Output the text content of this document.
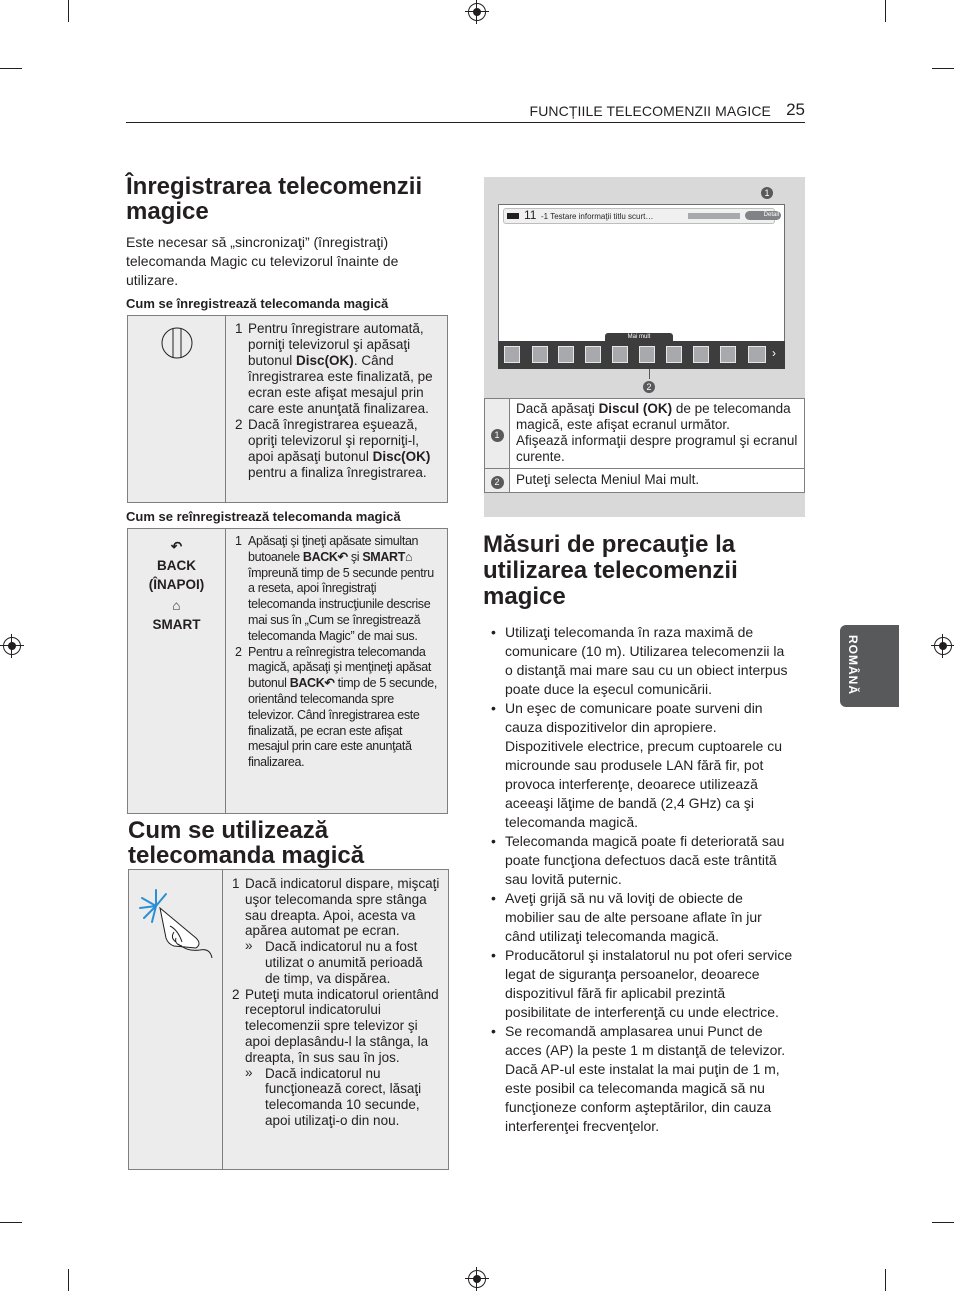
FUNCȚIILE TELECOMENZII MAGICE 25
ROMÂNĂ
Înregistrarea telecomenzii magice
Este necesar să „sincronizaţi” (înregistraţi) telecomanda Magic cu televizorul înainte de utilizare.
Cum se înregistrează telecomanda magică

1 Pentru înregistrare automată, porniţi televizorul şi apăsaţi butonul Disc(OK). Când înregistrarea este finalizată, pe ecran este afişat mesajul prin care este anunţată finalizarea.
2 Dacă înregistrarea eşuează, opriţi televizorul şi reporniţi-l, apoi apăsaţi butonul Disc(OK) pentru a finaliza înregistrarea.
Cum se reînregistrează telecomanda magică
↶
BACK
(ÎNAPOI)
⌂
SMART

1 Apăsaţi şi ţineţi apăsate simultan butoanele BACK↶ şi SMART⌂ împreună timp de 5 secunde pentru a reseta, apoi înregistraţi telecomanda instrucţiunile descrise mai sus în „Cum se înregistrează telecomanda Magic” de mai sus.
2 Pentru a reînregistra telecomanda magică, apăsaţi şi menţineţi apăsat butonul BACK↶ timp de 5 secunde, orientând telecomanda spre televizor. Când înregistrarea este finalizată, pe ecran este afişat mesajul prin care este anunţată finalizarea.
Cum se utilizează telecomanda magică

1 Dacă indicatorul dispare, mişcaţi uşor telecomanda spre stânga sau dreapta. Apoi, acesta va apărea automat pe ecran.
» Dacă indicatorul nu a fost utilizat o anumită perioadă de timp, va dispărea.
2 Puteţi muta indicatorul orientând receptorul indicatorului telecomenzii spre televizor şi apoi deplasându-l la stânga, la dreapta, în sus sau în jos.
» Dacă indicatorul nu funcţionează corect, lăsaţi telecomanda 10 secunde, apoi utilizaţi-o din nou.
1
11 -1 Testare informaţii titlu scurt…	Detail
Mai mult
›
2
1	Dacă apăsaţi Discul (OK) de pe telecomanda magică, este afişat ecranul următor.
Afişează informaţii despre programul şi ecranul curente.
2	Puteţi selecta Meniul Mai mult.
Măsuri de precauţie la utilizarea telecomenzii magice
• Utilizaţi telecomanda în raza maximă de comunicare (10 m). Utilizarea telecomenzii la o distanţă mai mare sau cu un obiect interpus poate duce la eşecul comunicării.
• Un eşec de comunicare poate surveni din cauza dispozitivelor din apropiere. Dispozitivele electrice, precum cuptoarele cu microunde sau produsele LAN fără fir, pot provoca interferenţe, deoarece utilizează aceeaşi lăţime de bandă (2,4 GHz) ca şi telecomanda magică.
• Telecomanda magică poate fi deteriorată sau poate funcţiona defectuos dacă este trântită sau lovită puternic.
• Aveţi grijă să nu vă loviţi de obiecte de mobilier sau de alte persoane aflate în jur când utilizaţi telecomanda magică.
• Producătorul şi instalatorul nu pot oferi service legat de siguranţa persoanelor, deoarece dispozitivul fără fir aplicabil prezintă posibilitate de interferenţă cu unde electrice.
• Se recomandă amplasarea unui Punct de acces (AP) la peste 1 m distanţă de televizor. Dacă AP-ul este instalat la mai puţin de 1 m, este posibil ca telecomanda magică să nu funcţioneze conform aşteptărilor, din cauza interferenţei frecvenţelor.
